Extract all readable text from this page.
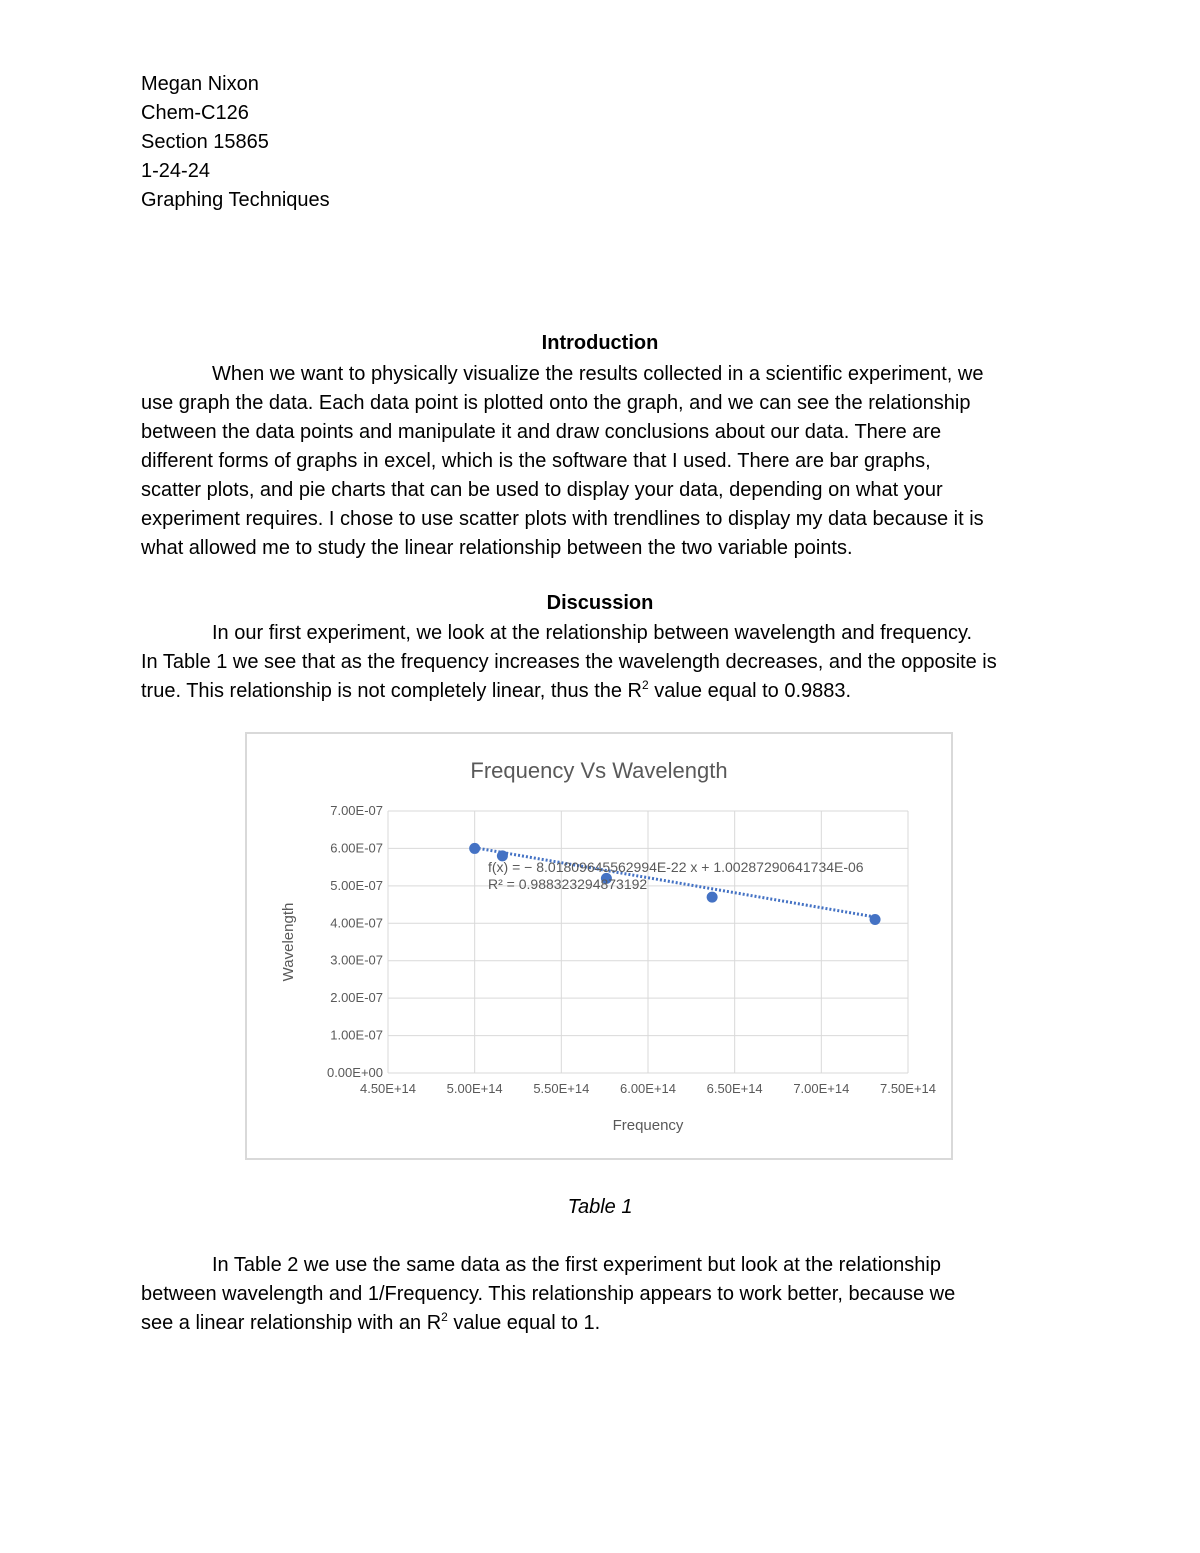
Megan Nixon
Chem-C126
Section 15865
1-24-24
Graphing Techniques
Introduction
When we want to physically visualize the results collected in a scientific experiment, we
use graph the data. Each data point is plotted onto the graph, and we can see the relationship
between the data points and manipulate it and draw conclusions about our data. There are
different forms of graphs in excel, which is the software that I used. There are bar graphs,
scatter plots, and pie charts that can be used to display your data, depending on what your
experiment requires. I chose to use scatter plots with trendlines to display my data because it is
what allowed me to study the linear relationship between the two variable points.
Discussion
In our first experiment, we look at the relationship between wavelength and frequency.
In Table 1 we see that as the frequency increases the wavelength decreases, and the opposite is
true. This relationship is not completely linear, thus the $R^2$ value equal to 0.9883.
Frequency Vs Wavelength
4.50E+14 5.00E+14 5.50E+14 6.00E+14 6.50E+14 7.00E+14 7.50E+14
0.00E+00
1.00E-07
2.00E-07
3.00E-07
4.00E-07
5.00E-07
6.00E-07
7.00E-07
Frequency
Wavelength
f(x) = − 8.01809645562994E-22 x + 1.00287290641734E-06
R² = 0.988323294873192
Table 1
In Table 2 we use the same data as the first experiment but look at the relationship
between wavelength and 1/Frequency. This relationship appears to work better, because we
see a linear relationship with an $R^2$ value equal to 1.
